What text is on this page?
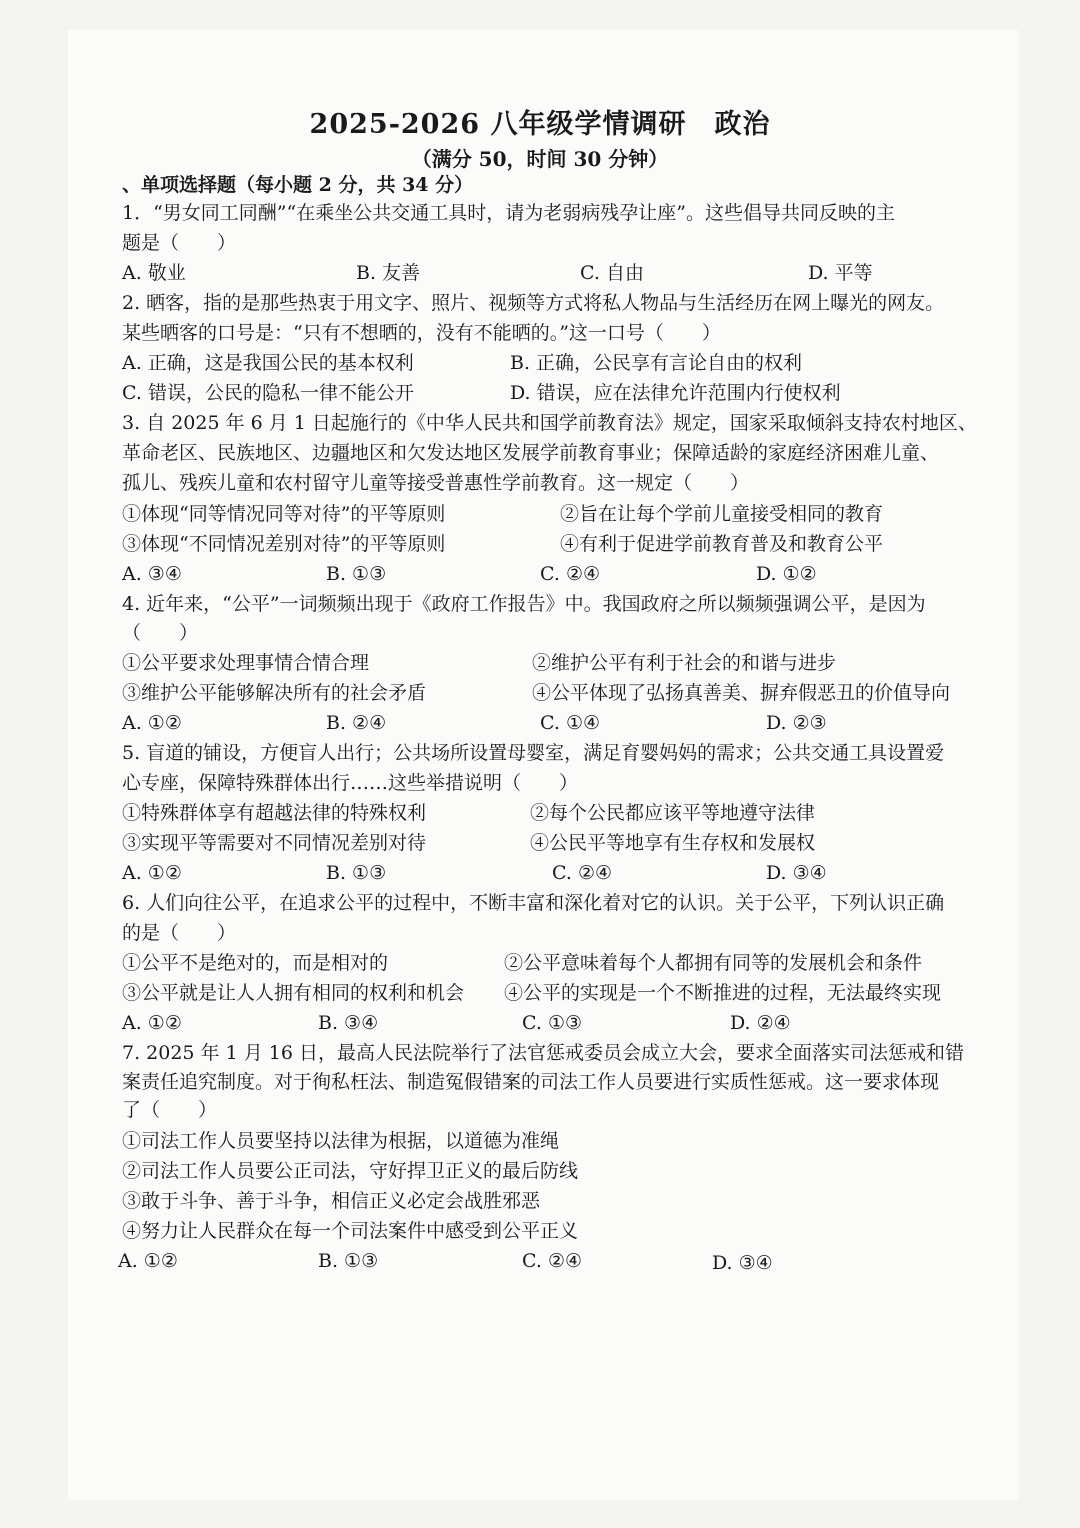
2025-2026 八年级学情调研　政治
（满分 50，时间 30 分钟）
、单项选择题（每小题 2 分，共 34 分）
1．“男女同工同酬”“在乘坐公共交通工具时，请为老弱病残孕让座”。这些倡导共同反映的主
题是（　　）
A. 敬业	B. 友善	C. 自由	D. 平等
2. 晒客，指的是那些热衷于用文字、照片、视频等方式将私人物品与生活经历在网上曝光的网友。
某些晒客的口号是：“只有不想晒的，没有不能晒的。”这一口号（　　）
A. 正确，这是我国公民的基本权利	B. 正确，公民享有言论自由的权利
C. 错误，公民的隐私一律不能公开	D. 错误，应在法律允许范围内行使权利
3. 自 2025 年 6 月 1 日起施行的《中华人民共和国学前教育法》规定，国家采取倾斜支持农村地区、
革命老区、民族地区、边疆地区和欠发达地区发展学前教育事业；保障适龄的家庭经济困难儿童、
孤儿、残疾儿童和农村留守儿童等接受普惠性学前教育。这一规定（　　）
①体现“同等情况同等对待”的平等原则	②旨在让每个学前儿童接受相同的教育
③体现“不同情况差别对待”的平等原则	④有利于促进学前教育普及和教育公平
A. ③④	B. ①③	C. ②④	D. ①②
4. 近年来，“公平”一词频频出现于《政府工作报告》中。我国政府之所以频频强调公平，是因为
（　　）
①公平要求处理事情合情合理	②维护公平有利于社会的和谐与进步
③维护公平能够解决所有的社会矛盾	④公平体现了弘扬真善美、摒弃假恶丑的价值导向
A. ①②	B. ②④	C. ①④	D. ②③
5. 盲道的铺设，方便盲人出行；公共场所设置母婴室，满足育婴妈妈的需求；公共交通工具设置爱
心专座，保障特殊群体出行……这些举措说明（　　）
①特殊群体享有超越法律的特殊权利	②每个公民都应该平等地遵守法律
③实现平等需要对不同情况差别对待	④公民平等地享有生存权和发展权
A. ①②	B. ①③	C. ②④	D. ③④
6. 人们向往公平，在追求公平的过程中，不断丰富和深化着对它的认识。关于公平，下列认识正确
的是（　　）
①公平不是绝对的，而是相对的	②公平意味着每个人都拥有同等的发展机会和条件
③公平就是让人人拥有相同的权利和机会 ④公平的实现是一个不断推进的过程，无法最终实现
A. ①②	B. ③④	C. ①③	D. ②④
7. 2025 年 1 月 16 日，最高人民法院举行了法官惩戒委员会成立大会，要求全面落实司法惩戒和错
案责任追究制度。对于徇私枉法、制造冤假错案的司法工作人员要进行实质性惩戒。这一要求体现
了（　　）
①司法工作人员要坚持以法律为根据，以道德为准绳
②司法工作人员要公正司法，守好捍卫正义的最后防线
③敢于斗争、善于斗争，相信正义必定会战胜邪恶
④努力让人民群众在每一个司法案件中感受到公平正义
A. ①②	B. ①③	C. ②④	D. ③④
